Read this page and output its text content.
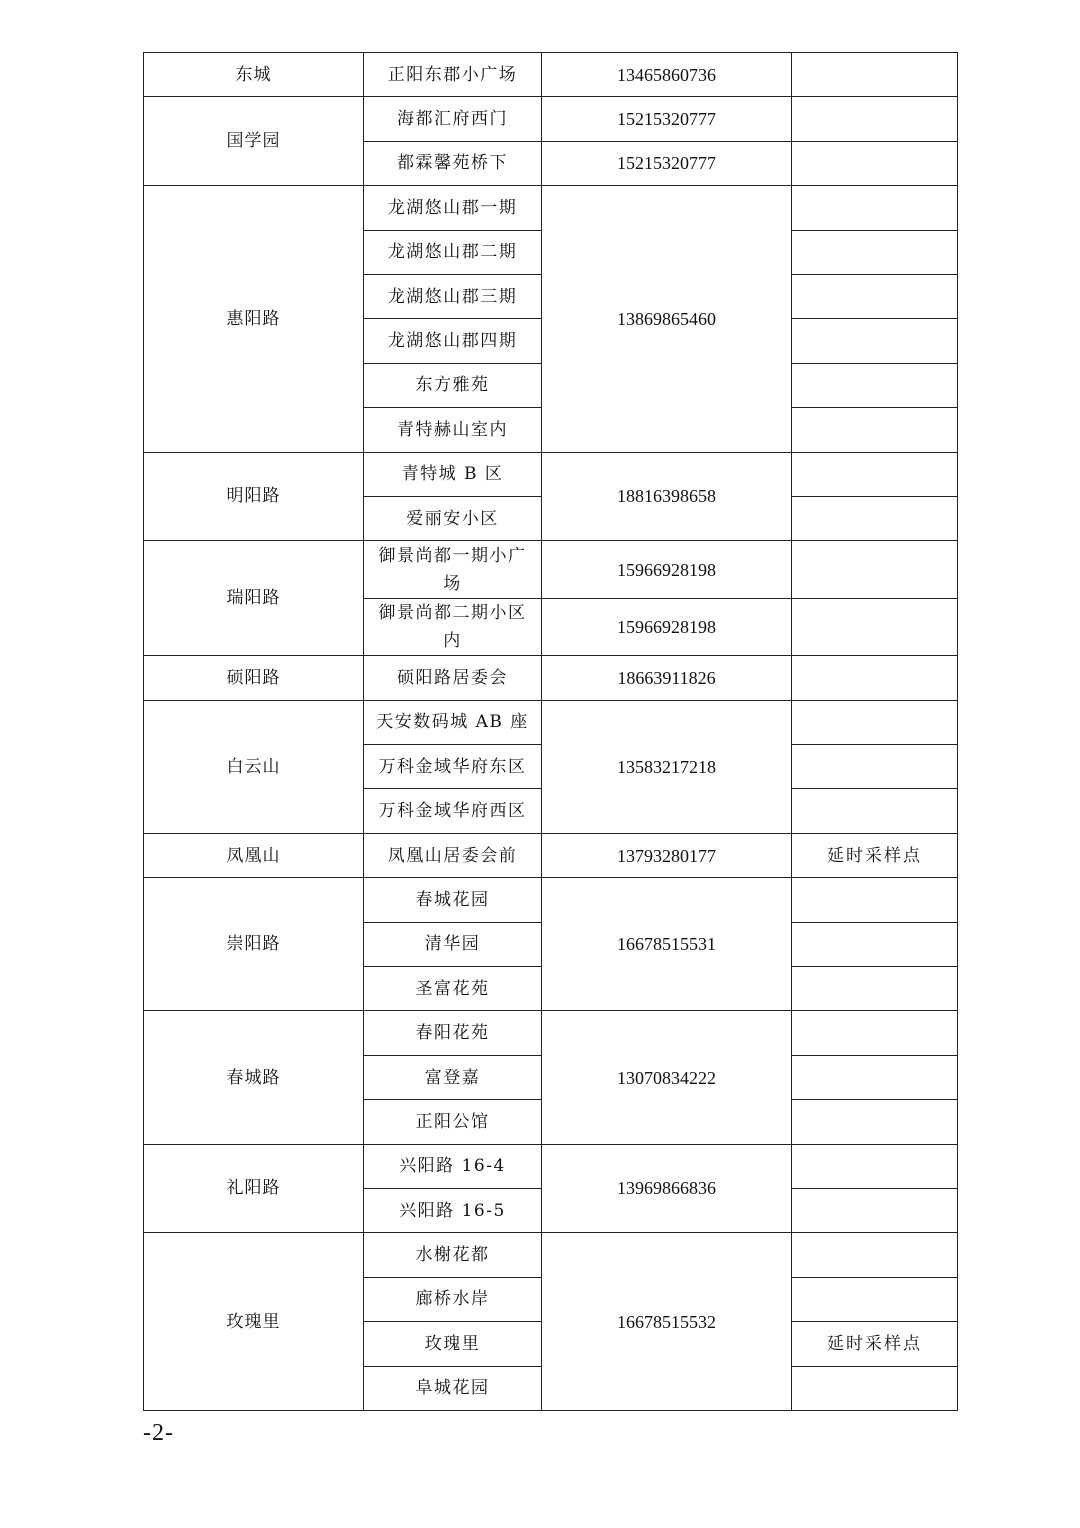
东城	正阳东郡小广场	13465860736	
国学园	海都汇府西门	15215320777	
	都霖馨苑桥下	15215320777	
惠阳路	龙湖悠山郡一期	13869865460	
	龙湖悠山郡二期		
	龙湖悠山郡三期		
	龙湖悠山郡四期		
	东方雅苑		
	青特赫山室内		
明阳路	青特城 B 区	18816398658	
	爱丽安小区		
瑞阳路	御景尚都一期小广场	15966928198	
	御景尚都二期小区内	15966928198	
硕阳路	硕阳路居委会	18663911826	
白云山	天安数码城 AB 座	13583217218	
	万科金域华府东区		
	万科金域华府西区		
凤凰山	凤凰山居委会前	13793280177	延时采样点
崇阳路	春城花园	16678515531	
	清华园		
	圣富花苑		
春城路	春阳花苑	13070834222	
	富登嘉		
	正阳公馆		
礼阳路	兴阳路 16-4	13969866836	
	兴阳路 16-5		
玫瑰里	水榭花都	16678515532	
	廊桥水岸		
	玫瑰里		延时采样点
	阜城花园		
-2-
